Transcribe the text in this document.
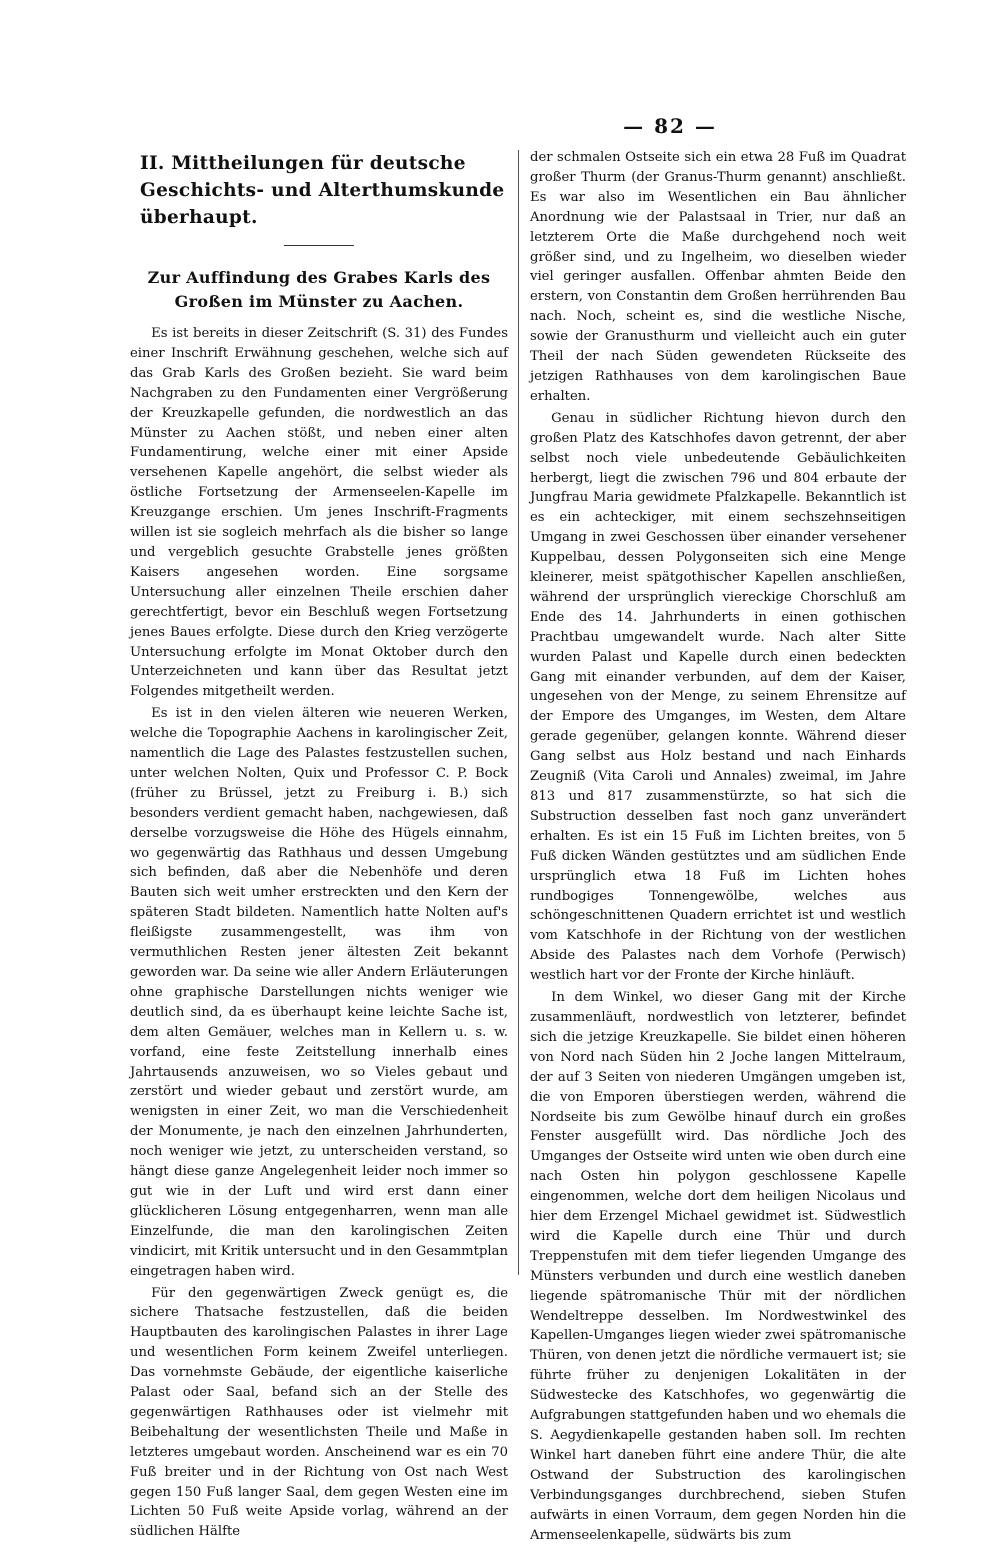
— 82 —
II. Mittheilungen für deutsche Geschichts- und Alterthumskunde überhaupt.
Zur Auffindung des Grabes Karls des Großen im Münster zu Aachen.

Es ist bereits in dieser Zeitschrift (S. 31) des Fundes einer Inschrift Erwähnung geschehen, welche sich auf das Grab Karls des Großen bezieht. Sie ward beim Nachgraben zu den Fundamenten einer Vergrößerung der Kreuzkapelle gefunden, die nordwestlich an das Münster zu Aachen stößt, und neben einer alten Fundamentirung, welche einer mit einer Apside versehenen Kapelle angehört, die selbst wieder als östliche Fortsetzung der Armenseelen-Kapelle im Kreuzgange erschien. Um jenes Inschrift-Fragments willen ist sie sogleich mehrfach als die bisher so lange und vergeblich gesuchte Grabstelle jenes größten Kaisers angesehen worden. Eine sorgsame Untersuchung aller einzelnen Theile erschien daher gerechtfertigt, bevor ein Beschluß wegen Fortsetzung jenes Baues erfolgte. Diese durch den Krieg verzögerte Untersuchung erfolgte im Monat Oktober durch den Unterzeichneten und kann über das Resultat jetzt Folgendes mitgetheilt werden.

Es ist in den vielen älteren wie neueren Werken, welche die Topographie Aachens in karolingischer Zeit, namentlich die Lage des Palastes festzustellen suchen, unter welchen Nolten, Quix und Professor C. P. Bock (früher zu Brüssel, jetzt zu Freiburg i. B.) sich besonders verdient gemacht haben, nachgewiesen, daß derselbe vorzugsweise die Höhe des Hügels einnahm, wo gegenwärtig das Rathhaus und dessen Umgebung sich befinden, daß aber die Nebenhöfe und deren Bauten sich weit umher erstreckten und den Kern der späteren Stadt bildeten. Namentlich hatte Nolten auf's fleißigste zusammengestellt, was ihm von vermuthlichen Resten jener ältesten Zeit bekannt geworden war. Da seine wie aller Andern Erläuterungen ohne graphische Darstellungen nichts weniger wie deutlich sind, da es überhaupt keine leichte Sache ist, dem alten Gemäuer, welches man in Kellern u. s. w. vorfand, eine feste Zeitstellung innerhalb eines Jahrtausends anzuweisen, wo so Vieles gebaut und zerstört und wieder gebaut und zerstört wurde, am wenigsten in einer Zeit, wo man die Verschiedenheit der Monumente, je nach den einzelnen Jahrhunderten, noch weniger wie jetzt, zu unterscheiden verstand, so hängt diese ganze Angelegenheit leider noch immer so gut wie in der Luft und wird erst dann einer glücklicheren Lösung entgegenharren, wenn man alle Einzelfunde, die man den karolingischen Zeiten vindicirt, mit Kritik untersucht und in den Gesammtplan eingetragen haben wird.

Für den gegenwärtigen Zweck genügt es, die sichere Thatsache festzustellen, daß die beiden Hauptbauten des karolingischen Palastes in ihrer Lage und wesentlichen Form keinem Zweifel unterliegen. Das vornehmste Gebäude, der eigentliche kaiserliche Palast oder Saal, befand sich an der Stelle des gegenwärtigen Rathhauses oder ist vielmehr mit Beibehaltung der wesentlichsten Theile und Maße in letzteres umgebaut worden. Anscheinend war es ein 70 Fuß breiter und in der Richtung von Ost nach West gegen 150 Fuß langer Saal, dem gegen Westen eine im Lichten 50 Fuß weite Apside vorlag, während an der südlichen Hälfte

der schmalen Ostseite sich ein etwa 28 Fuß im Quadrat großer Thurm (der Granus-Thurm genannt) anschließt. Es war also im Wesentlichen ein Bau ähnlicher Anordnung wie der Palastsaal in Trier, nur daß an letzterem Orte die Maße durchgehend noch weit größer sind, und zu Ingelheim, wo dieselben wieder viel geringer ausfallen. Offenbar ahmten Beide den erstern, von Constantin dem Großen herrührenden Bau nach. Noch, scheint es, sind die westliche Nische, sowie der Granusthurm und vielleicht auch ein guter Theil der nach Süden gewendeten Rückseite des jetzigen Rathhauses von dem karolingischen Baue erhalten.

Genau in südlicher Richtung hievon durch den großen Platz des Katschhofes davon getrennt, der aber selbst noch viele unbedeutende Gebäulichkeiten herbergt, liegt die zwischen 796 und 804 erbaute der Jungfrau Maria gewidmete Pfalzkapelle. Bekanntlich ist es ein achteckiger, mit einem sechszehnseitigen Umgang in zwei Geschossen über einander versehener Kuppelbau, dessen Polygonseiten sich eine Menge kleinerer, meist spätgothischer Kapellen anschließen, während der ursprünglich viereckige Chorschluß am Ende des 14. Jahrhunderts in einen gothischen Prachtbau umgewandelt wurde. Nach alter Sitte wurden Palast und Kapelle durch einen bedeckten Gang mit einander verbunden, auf dem der Kaiser, ungesehen von der Menge, zu seinem Ehrensitze auf der Empore des Umganges, im Westen, dem Altare gerade gegenüber, gelangen konnte. Während dieser Gang selbst aus Holz bestand und nach Einhards Zeugniß (Vita Caroli und Annales) zweimal, im Jahre 813 und 817 zusammenstürzte, so hat sich die Substruction desselben fast noch ganz unverändert erhalten. Es ist ein 15 Fuß im Lichten breites, von 5 Fuß dicken Wänden gestütztes und am südlichen Ende ursprünglich etwa 18 Fuß im Lichten hohes rundbogiges Tonnengewölbe, welches aus schöngeschnittenen Quadern errichtet ist und westlich vom Katschhofe in der Richtung von der westlichen Abside des Palastes nach dem Vorhofe (Perwisch) westlich hart vor der Fronte der Kirche hinläuft.

In dem Winkel, wo dieser Gang mit der Kirche zusammenläuft, nordwestlich von letzterer, befindet sich die jetzige Kreuzkapelle. Sie bildet einen höheren von Nord nach Süden hin 2 Joche langen Mittelraum, der auf 3 Seiten von niederen Umgängen umgeben ist, die von Emporen überstiegen werden, während die Nordseite bis zum Gewölbe hinauf durch ein großes Fenster ausgefüllt wird. Das nördliche Joch des Umganges der Ostseite wird unten wie oben durch eine nach Osten hin polygon geschlossene Kapelle eingenommen, welche dort dem heiligen Nicolaus und hier dem Erzengel Michael gewidmet ist. Südwestlich wird die Kapelle durch eine Thür und durch Treppenstufen mit dem tiefer liegenden Umgange des Münsters verbunden und durch eine westlich daneben liegende spätromanische Thür mit der nördlichen Wendeltreppe desselben. Im Nordwestwinkel des Kapellen-Umganges liegen wieder zwei spätromanische Thüren, von denen jetzt die nördliche vermauert ist; sie führte früher zu denjenigen Lokalitäten in der Südwestecke des Katschhofes, wo gegenwärtig die Aufgrabungen stattgefunden haben und wo ehemals die S. Aegydienkapelle gestanden haben soll. Im rechten Winkel hart daneben führt eine andere Thür, die alte Ostwand der Substruction des karolingischen Verbindungsganges durchbrechend, sieben Stufen aufwärts in einen Vorraum, dem gegen Norden hin die Armenseelenkapelle, südwärts bis zum
